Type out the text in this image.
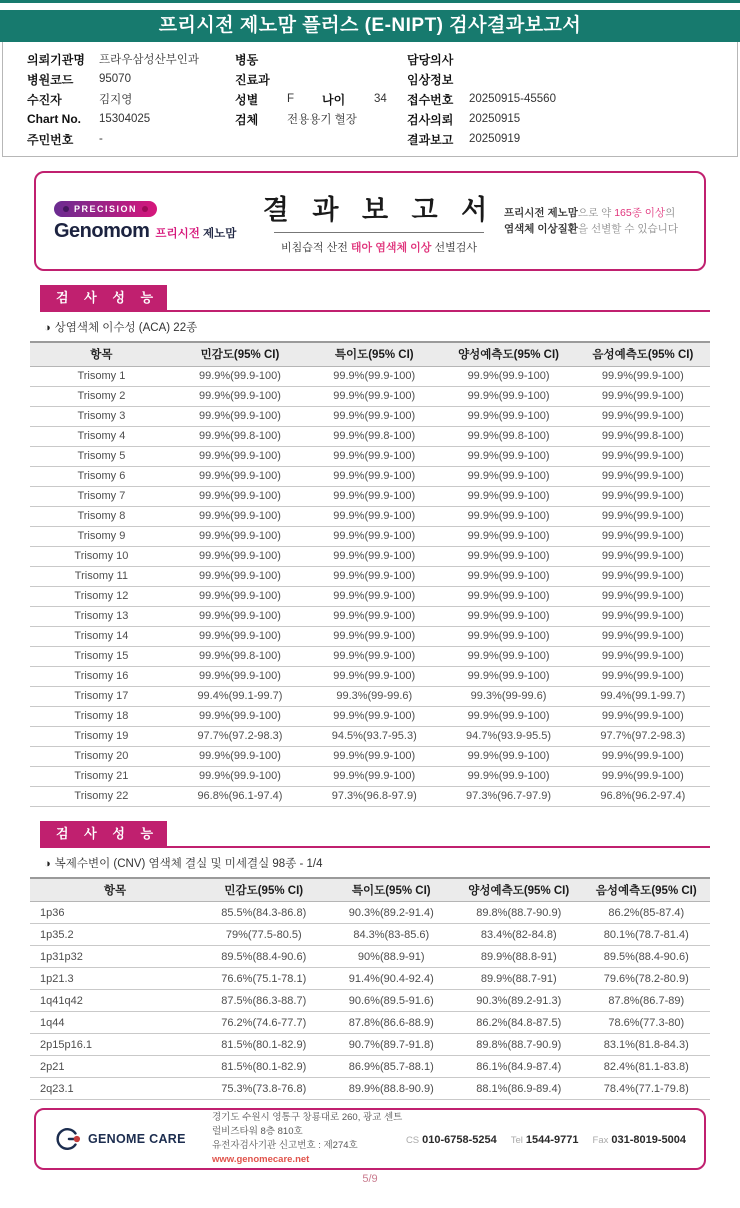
프리시전 제노맘 플러스 (E-NIPT) 검사결과보고서
의뢰기관명	프라우삼성산부인과
병원코드	95070
수진자	김지영
Chart No.	15304025
주민번호	-
병동
진료과
성별	F 나이	34
검체	전용용기 혈장
담당의사
임상정보
접수번호	20250915-45560
검사의뢰	20250915
결과보고	20250919
PRECISION
Genomom 프리시전 제노맘
결 과 보 고 서
비침습적 산전 태아 염색체 이상 선별검사
프리시전 제노맘으로 약 165종 이상의
염색체 이상질환을 선별할 수 있습니다
검 사 성 능
◑ 상염색체 이수성 (ACA) 22종
항목	민감도(95% CI)	특이도(95% CI)	양성예측도(95% CI)	음성예측도(95% CI)
Trisomy 1	99.9%(99.9-100)	99.9%(99.9-100)	99.9%(99.9-100)	99.9%(99.9-100)
Trisomy 2	99.9%(99.9-100)	99.9%(99.9-100)	99.9%(99.9-100)	99.9%(99.9-100)
Trisomy 3	99.9%(99.9-100)	99.9%(99.9-100)	99.9%(99.9-100)	99.9%(99.9-100)
Trisomy 4	99.9%(99.8-100)	99.9%(99.8-100)	99.9%(99.8-100)	99.9%(99.8-100)
Trisomy 5	99.9%(99.9-100)	99.9%(99.9-100)	99.9%(99.9-100)	99.9%(99.9-100)
Trisomy 6	99.9%(99.9-100)	99.9%(99.9-100)	99.9%(99.9-100)	99.9%(99.9-100)
Trisomy 7	99.9%(99.9-100)	99.9%(99.9-100)	99.9%(99.9-100)	99.9%(99.9-100)
Trisomy 8	99.9%(99.9-100)	99.9%(99.9-100)	99.9%(99.9-100)	99.9%(99.9-100)
Trisomy 9	99.9%(99.9-100)	99.9%(99.9-100)	99.9%(99.9-100)	99.9%(99.9-100)
Trisomy 10	99.9%(99.9-100)	99.9%(99.9-100)	99.9%(99.9-100)	99.9%(99.9-100)
Trisomy 11	99.9%(99.9-100)	99.9%(99.9-100)	99.9%(99.9-100)	99.9%(99.9-100)
Trisomy 12	99.9%(99.9-100)	99.9%(99.9-100)	99.9%(99.9-100)	99.9%(99.9-100)
Trisomy 13	99.9%(99.9-100)	99.9%(99.9-100)	99.9%(99.9-100)	99.9%(99.9-100)
Trisomy 14	99.9%(99.9-100)	99.9%(99.9-100)	99.9%(99.9-100)	99.9%(99.9-100)
Trisomy 15	99.9%(99.8-100)	99.9%(99.9-100)	99.9%(99.9-100)	99.9%(99.9-100)
Trisomy 16	99.9%(99.9-100)	99.9%(99.9-100)	99.9%(99.9-100)	99.9%(99.9-100)
Trisomy 17	99.4%(99.1-99.7)	99.3%(99-99.6)	99.3%(99-99.6)	99.4%(99.1-99.7)
Trisomy 18	99.9%(99.9-100)	99.9%(99.9-100)	99.9%(99.9-100)	99.9%(99.9-100)
Trisomy 19	97.7%(97.2-98.3)	94.5%(93.7-95.3)	94.7%(93.9-95.5)	97.7%(97.2-98.3)
Trisomy 20	99.9%(99.9-100)	99.9%(99.9-100)	99.9%(99.9-100)	99.9%(99.9-100)
Trisomy 21	99.9%(99.9-100)	99.9%(99.9-100)	99.9%(99.9-100)	99.9%(99.9-100)
Trisomy 22	96.8%(96.1-97.4)	97.3%(96.8-97.9)	97.3%(96.7-97.9)	96.8%(96.2-97.4)
검 사 성 능
◑ 복제수변이 (CNV) 염색체 결실 및 미세결실 98종 - 1/4
항목	민감도(95% CI)	특이도(95% CI)	양성예측도(95% CI)	음성예측도(95% CI)
1p36	85.5%(84.3-86.8)	90.3%(89.2-91.4)	89.8%(88.7-90.9)	86.2%(85-87.4)
1p35.2	79%(77.5-80.5)	84.3%(83-85.6)	83.4%(82-84.8)	80.1%(78.7-81.4)
1p31p32	89.5%(88.4-90.6)	90%(88.9-91)	89.9%(88.8-91)	89.5%(88.4-90.6)
1p21.3	76.6%(75.1-78.1)	91.4%(90.4-92.4)	89.9%(88.7-91)	79.6%(78.2-80.9)
1q41q42	87.5%(86.3-88.7)	90.6%(89.5-91.6)	90.3%(89.2-91.3)	87.8%(86.7-89)
1q44	76.2%(74.6-77.7)	87.8%(86.6-88.9)	86.2%(84.8-87.5)	78.6%(77.3-80)
2p15p16.1	81.5%(80.1-82.9)	90.7%(89.7-91.8)	89.8%(88.7-90.9)	83.1%(81.8-84.3)
2p21	81.5%(80.1-82.9)	86.9%(85.7-88.1)	86.1%(84.9-87.4)	82.4%(81.1-83.8)
2q23.1	75.3%(73.8-76.8)	89.9%(88.8-90.9)	88.1%(86.9-89.4)	78.4%(77.1-79.8)
GENOME CARE
경기도 수원시 영통구 창룡대로 260, 광교 센트럴비즈타워 8층 810호
유전자검사기관 신고번호 : 제274호
www.genomecare.net
CS 010-6758-5254 Tel 1544-9771 Fax 031-8019-5004
5/9
